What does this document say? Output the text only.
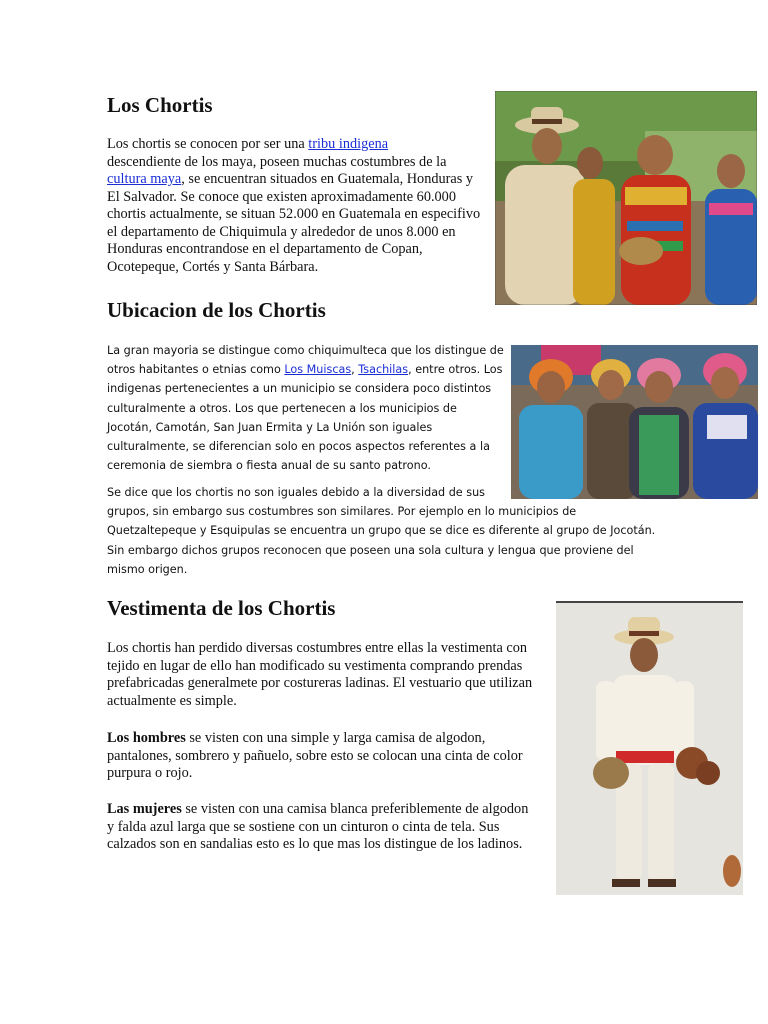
Los Chortis

Los chortis se conocen por ser una tribu indigena
descendiente de los maya, poseen muchas costumbres de la
cultura maya, se encuentran situados en Guatemala, Honduras y El Salvador. Se conoce que existen aproximadamente 60.000 chortis actualmente, se situan 52.000 en Guatemala en especifivo el departamento de Chiquimula y alrededor de unos 8.000 en Honduras encontrandose en el departamento de Copan, Ocotepeque, Cortés y Santa Bárbara.

Ubicacion de los Chortis

La gran mayoria se distingue como chiquimulteca que los distingue de otros habitantes o etnias como Los Muiscas, Tsachilas, entre otros. Los indigenas pertenecientes a un municipio se considera poco distintos culturalmente a otros. Los que pertenecen a los municipios de Jocotán, Camotán, San Juan Ermita y La Unión son iguales culturalmente, se diferencian solo en pocos aspectos referentes a la ceremonia de siembra o fiesta anual de su santo patrono.

Se dice que los chortis no son iguales debido a la diversidad de sus
grupos, sin embargo sus costumbres son similares. Por ejemplo en lo municipios de
Quetzaltepeque y Esquipulas se encuentra un grupo que se dice es diferente al grupo de Jocotán.
Sin embargo dichos grupos reconocen que poseen una sola cultura y lengua que proviene del
mismo origen.
Vestimenta de los Chortis

Los chortis han perdido diversas costumbres entre ellas la vestimenta con tejido en lugar de ello han modificado su vestimenta comprando prendas prefabricadas generalmete por costureras ladinas. El vestuario que utilizan actualmente es simple.

Los hombres se visten con una simple y larga camisa de algodon, pantalones, sombrero y pañuelo, sobre esto se colocan una cinta de color purpura o rojo.

Las mujeres se visten con una camisa blanca preferiblemente de algodon y falda azul larga que se sostiene con un cinturon o cinta de tela. Sus calzados son en sandalias esto es lo que mas los distingue de los ladinos.
